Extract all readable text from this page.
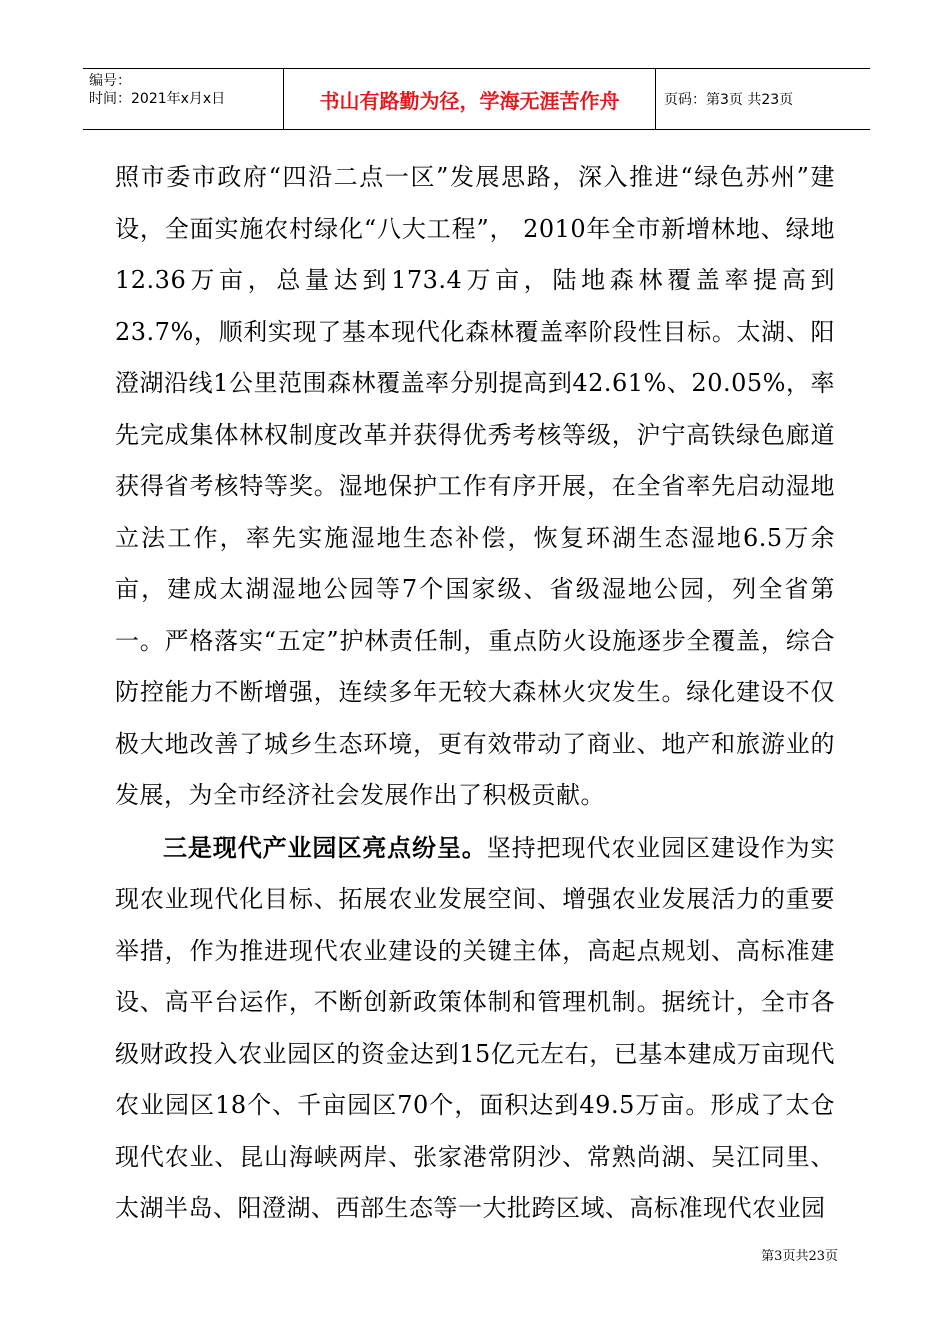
编号：
时间：2021年x月x日	书山有路勤为径，学海无涯苦作舟	页码：第3页 共23页

照市委市政府“四沿二点一区”发展思路，深入推进“绿色苏州”建设，全面实施农村绿化“八大工程”， 2010年全市新增林地、绿地12.36万亩，总量达到173.4万亩，陆地森林覆盖率提高到23.7%，顺利实现了基本现代化森林覆盖率阶段性目标。太湖、阳澄湖沿线1公里范围森林覆盖率分别提高到42.61%、20.05%，率先完成集体林权制度改革并获得优秀考核等级，沪宁高铁绿色廊道获得省考核特等奖。湿地保护工作有序开展，在全省率先启动湿地立法工作，率先实施湿地生态补偿，恢复环湖生态湿地6.5万余亩，建成太湖湿地公园等7个国家级、省级湿地公园，列全省第一。严格落实“五定”护林责任制，重点防火设施逐步全覆盖，综合防控能力不断增强，连续多年无较大森林火灾发生。绿化建设不仅极大地改善了城乡生态环境，更有效带动了商业、地产和旅游业的发展，为全市经济社会发展作出了积极贡献。

三是现代产业园区亮点纷呈。坚持把现代农业园区建设作为实现农业现代化目标、拓展农业发展空间、增强农业发展活力的重要举措，作为推进现代农业建设的关键主体，高起点规划、高标准建设、高平台运作，不断创新政策体制和管理机制。据统计，全市各级财政投入农业园区的资金达到15亿元左右，已基本建成万亩现代农业园区18个、千亩园区70个，面积达到49.5万亩。形成了太仓现代农业、昆山海峡两岸、张家港常阴沙、常熟尚湖、吴江同里、太湖半岛、阳澄湖、西部生态等一大批跨区域、高标准现代农业园

第3页共23页
